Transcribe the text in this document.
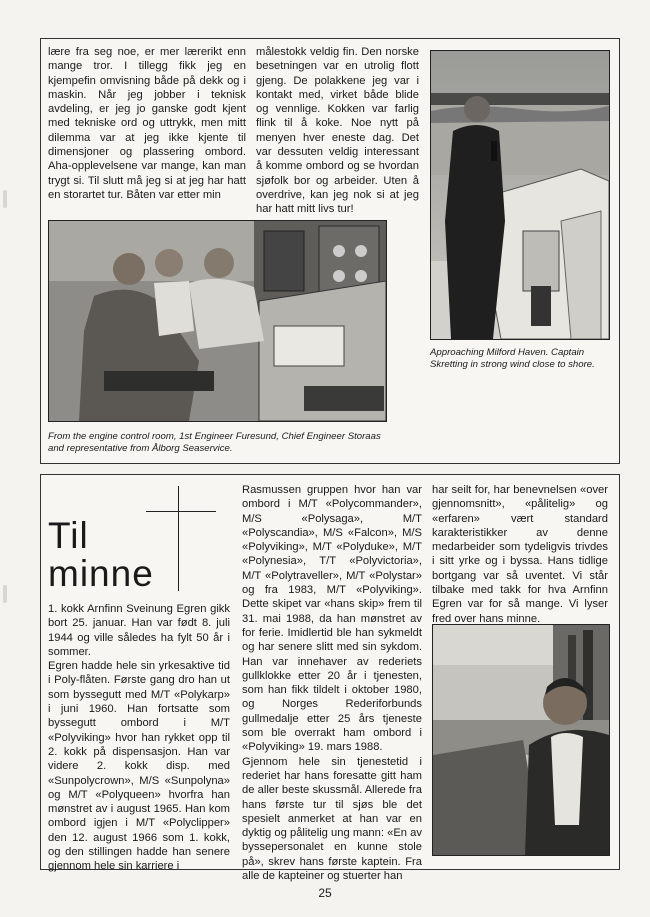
lære fra seg noe, er mer lærerikt enn mange tror. I tillegg fikk jeg en kjempefin omvisning både på dekk og i maskin. Når jeg jobber i teknisk avdeling, er jeg jo ganske godt kjent med tekniske ord og uttrykk, men mitt dilemma var at jeg ikke kjente til dimensjoner og plassering ombord. Aha-opplevelsene var mange, kan man trygt si. Til slutt må jeg si at jeg har hatt en storartet tur. Båten var etter min

målestokk veldig fin. Den norske besetningen var en utrolig flott gjeng. De polakkene jeg var i kontakt med, virket både blide og vennlige. Kokken var farlig flink til å koke. Noe nytt på menyen hver eneste dag. Det var dessuten veldig interessant å komme ombord og se hvordan sjøfolk bor og arbeider. Uten å overdrive, kan jeg nok si at jeg har hatt mitt livs tur!

Approaching Milford Haven. Captain Skretting in strong wind close to shore.
From the engine control room, 1st Engineer Furesund, Chief Engineer Storaas and representative from Ålborg Seaservice.
Til
minne

1. kokk Arnfinn Sveinung Egren gikk bort 25. januar. Han var født 8. juli 1944 og ville således ha fylt 50 år i sommer.

Egren hadde hele sin yrkesaktive tid i Poly-flåten. Første gang dro han ut som byssegutt med M/T «Polykarp» i juni 1960. Han fortsatte som byssegutt ombord i M/T «Polyviking» hvor han rykket opp til 2. kokk på dispensasjon. Han var videre 2. kokk disp. med «Sunpolycrown», M/S «Sunpolyna» og M/T «Polyqueen» hvorfra han mønstret av i august 1965. Han kom ombord igjen i M/T «Polyclipper» den 12. august 1966 som 1. kokk, og den stillingen hadde han senere gjennom hele sin karriere i

Rasmussen gruppen hvor han var ombord i M/T «Polycommander», M/S «Polysaga», M/T «Polyscandia», M/S «Falcon», M/S «Polyviking», M/T «Polyduke», M/T «Polynesia», T/T «Polyvictoria», M/T «Polytraveller», M/T «Polystar» og fra 1983, M/T «Polyviking». Dette skipet var «hans skip» frem til 31. mai 1988, da han mønstret av for ferie. Imidlertid ble han sykmeldt og har senere slitt med sin sykdom. Han var innehaver av rederiets gullklokke etter 20 år i tjenesten, som han fikk tildelt i oktober 1980, og Norges Rederiforbunds gullmedalje etter 25 års tjeneste som ble overrakt ham ombord i «Polyviking» 19. mars 1988.

Gjennom hele sin tjenestetid i rederiet har hans foresatte gitt ham de aller beste skussmål. Allerede fra hans første tur til sjøs ble det spesielt anmerket at han var en dyktig og pålitelig ung mann: «En av byssepersonalet en kunne stole på», skrev hans første kaptein. Fra alle de kapteiner og stuerter han

har seilt for, har benevnelsen «over gjennomsnitt», «pålitelig» og «erfaren» vært standard karakteristikker av denne medarbeider som tydeligvis trivdes i sitt yrke og i byssa. Hans tidlige bortgang var så uventet. Vi står tilbake med takk for hva Arnfinn Egren var for så mange. Vi lyser fred over hans minne.

25
